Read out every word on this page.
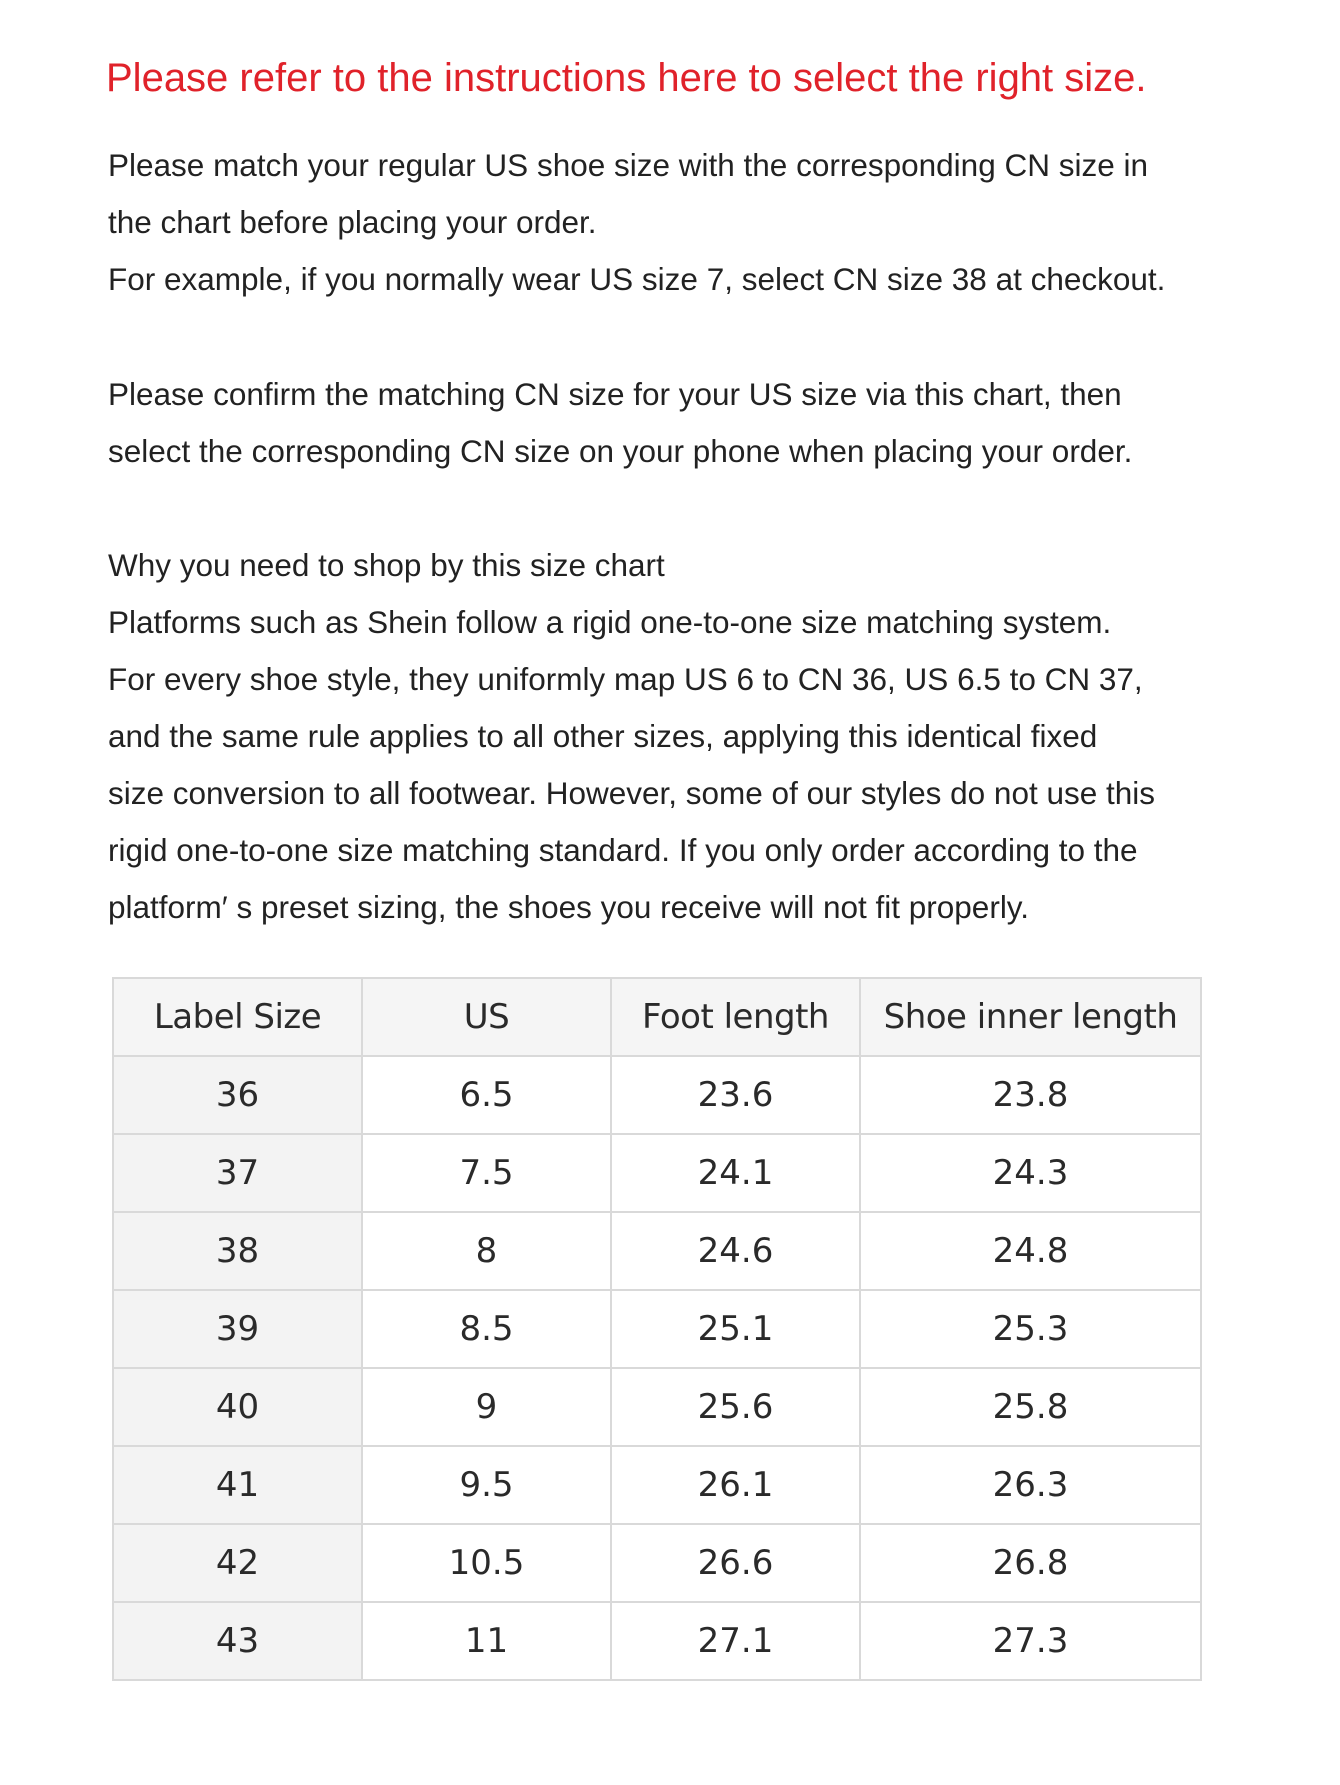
Please refer to the instructions here to select the right size.
Please match your regular US shoe size with the corresponding CN size in
the chart before placing your order.
For example, if you normally wear US size 7, select CN size 38 at checkout.
Please confirm the matching CN size for your US size via this chart, then
select the corresponding CN size on your phone when placing your order.
Why you need to shop by this size chart
Platforms such as Shein follow a rigid one-to-one size matching system.
For every shoe style, they uniformly map US 6 to CN 36, US 6.5 to CN 37,
and the same rule applies to all other sizes, applying this identical fixed
size conversion to all footwear. However, some of our styles do not use this
rigid one-to-one size matching standard. If you only order according to the
platform′ s preset sizing, the shoes you receive will not fit properly.
Label Size	US	Foot length	Shoe inner length
36	6.5	23.6	23.8
37	7.5	24.1	24.3
38	8	24.6	24.8
39	8.5	25.1	25.3
40	9	25.6	25.8
41	9.5	26.1	26.3
42	10.5	26.6	26.8
43	11	27.1	27.3
